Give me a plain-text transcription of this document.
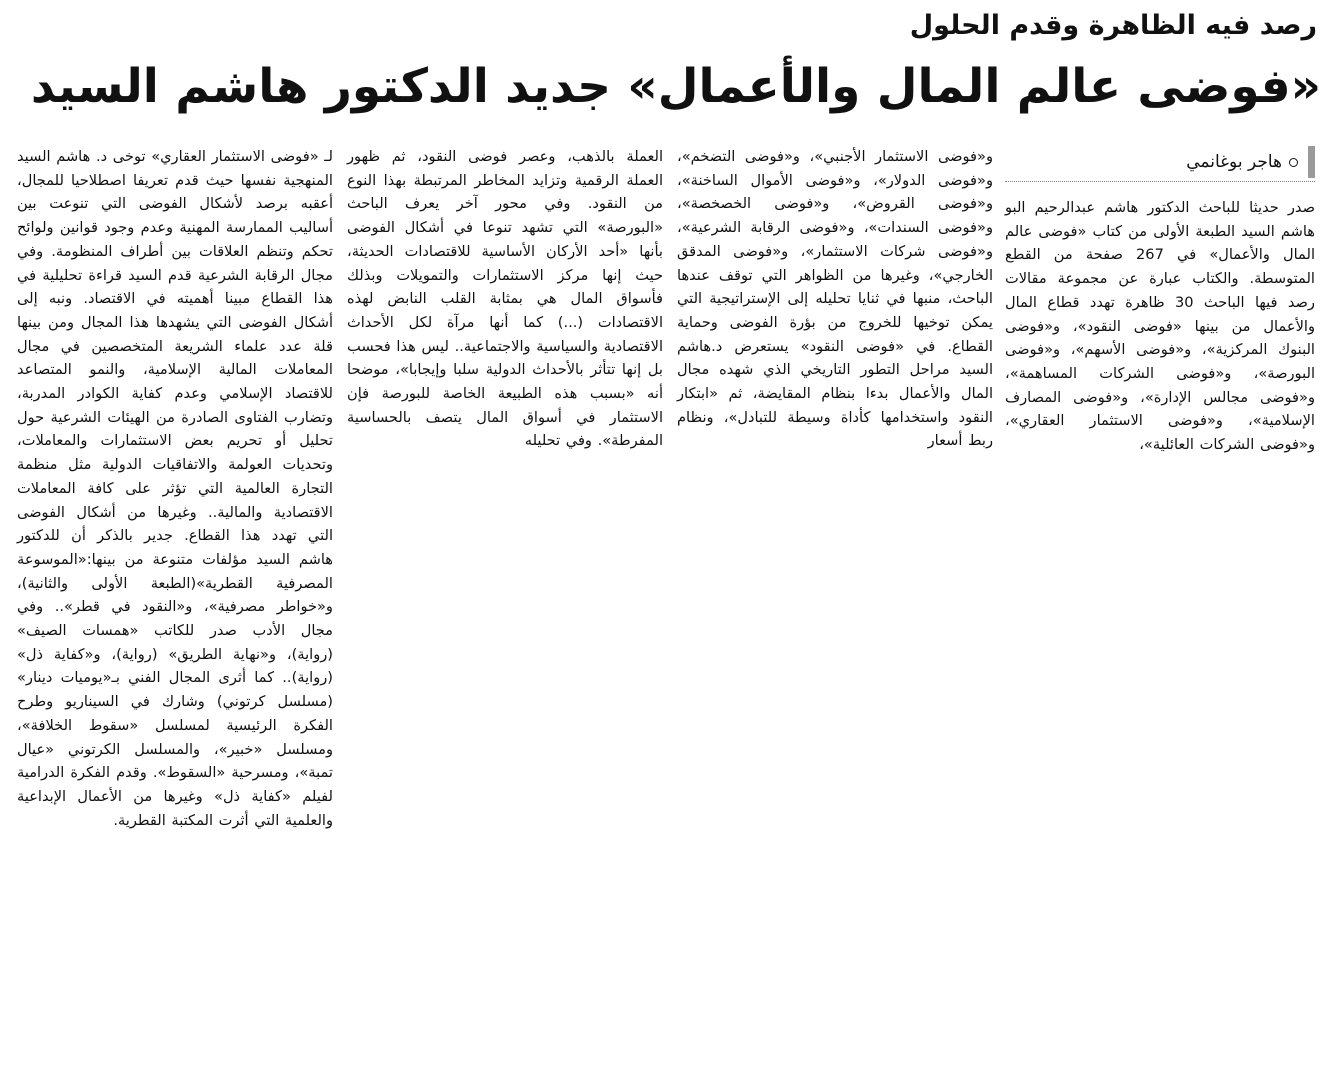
رصد فيه الظاهرة وقدم الحلول
«فوضى عالم المال والأعمال» جديد الدكتور هاشم السيد
هاجر بوغانمي

صدر حديثا للباحث الدكتور هاشم عبدالرحيم البو هاشم السيد الطبعة الأولى من كتاب «فوضى عالم المال والأعمال» في 267 صفحة من القطع المتوسطة. والكتاب عبارة عن مجموعة مقالات رصد فيها الباحث 30 ظاهرة تهدد قطاع المال والأعمال من بينها «فوضى النقود»، و«فوضى البنوك المركزية»، و«فوضى الأسهم»، و«فوضى البورصة»، و«فوضى الشركات المساهمة»، و«فوضى مجالس الإدارة»، و«فوضى المصارف الإسلامية»، و«فوضى الاستثمار العقاري»، و«فوضى الشركات العائلية»،

و«فوضى الاستثمار الأجنبي»، و«فوضى التضخم»، و«فوضى الدولار»، و«فوضى الأموال الساخنة»، و«فوضى القروض»، و«فوضى الخصخصة»، و«فوضى السندات»، و«فوضى الرقابة الشرعية»، و«فوضى شركات الاستثمار»، و«فوضى المدقق الخارجي»، وغيرها من الظواهر التي توقف عندها الباحث، منبها في ثنايا تحليله إلى الإستراتيجية التي يمكن توخيها للخروج من بؤرة الفوضى وحماية القطاع. في «فوضى النقود» يستعرض د.هاشم السيد مراحل التطور التاريخي الذي شهده مجال المال والأعمال بدءا بنظام المقايضة، ثم «ابتكار النقود واستخدامها كأداة وسيطة للتبادل»، ونظام ربط أسعار

العملة بالذهب، وعصر فوضى النقود، ثم ظهور العملة الرقمية وتزايد المخاطر المرتبطة بهذا النوع من النقود. وفي محور آخر يعرف الباحث «البورصة» التي تشهد تنوعا في أشكال الفوضى بأنها «أحد الأركان الأساسية للاقتصادات الحديثة، حيث إنها مركز الاستثمارات والتمويلات وبذلك فأسواق المال هي بمثابة القلب النابض لهذه الاقتصادات (...) كما أنها مرآة لكل الأحداث الاقتصادية والسياسية والاجتماعية.. ليس هذا فحسب بل إنها تتأثر بالأحداث الدولية سلبا وإيجابا»، موضحا أنه «بسبب هذه الطبيعة الخاصة للبورصة فإن الاستثمار في أسواق المال يتصف بالحساسية المفرطة». وفي تحليله

لـ «فوضى الاستثمار العقاري» توخى د. هاشم السيد المنهجية نفسها حيث قدم تعريفا اصطلاحيا للمجال، أعقبه برصد لأشكال الفوضى التي تنوعت بين أساليب الممارسة المهنية وعدم وجود قوانين ولوائح تحكم وتنظم العلاقات بين أطراف المنظومة. وفي مجال الرقابة الشرعية قدم السيد قراءة تحليلية في هذا القطاع مبينا أهميته في الاقتصاد. ونبه إلى أشكال الفوضى التي يشهدها هذا المجال ومن بينها قلة عدد علماء الشريعة المتخصصين في مجال المعاملات المالية الإسلامية، والنمو المتصاعد للاقتصاد الإسلامي وعدم كفاية الكوادر المدربة، وتضارب الفتاوى الصادرة من الهيئات الشرعية حول تحليل أو تحريم بعض الاستثمارات والمعاملات، وتحديات العولمة والاتفاقيات الدولية مثل منظمة التجارة العالمية التي تؤثر على كافة المعاملات الاقتصادية والمالية.. وغيرها من أشكال الفوضى التي تهدد هذا القطاع. جدير بالذكر أن للدكتور هاشم السيد مؤلفات متنوعة من بينها:«الموسوعة المصرفية القطرية»(الطبعة الأولى والثانية)، و«خواطر مصرفية»، و«النقود في قطر».. وفي مجال الأدب صدر للكاتب «همسات الصيف» (رواية)، و«نهاية الطريق» (رواية)، و«كفاية ذل» (رواية).. كما أثرى المجال الفني بـ«يوميات دينار» (مسلسل كرتوني) وشارك في السيناريو وطرح الفكرة الرئيسية لمسلسل «سقوط الخلافة»، ومسلسل «خبير»، والمسلسل الكرتوني «عيال تمبة»، ومسرحية «السقوط». وقدم الفكرة الدرامية لفيلم «كفاية ذل» وغيرها من الأعمال الإبداعية والعلمية التي أثرت المكتبة القطرية.
